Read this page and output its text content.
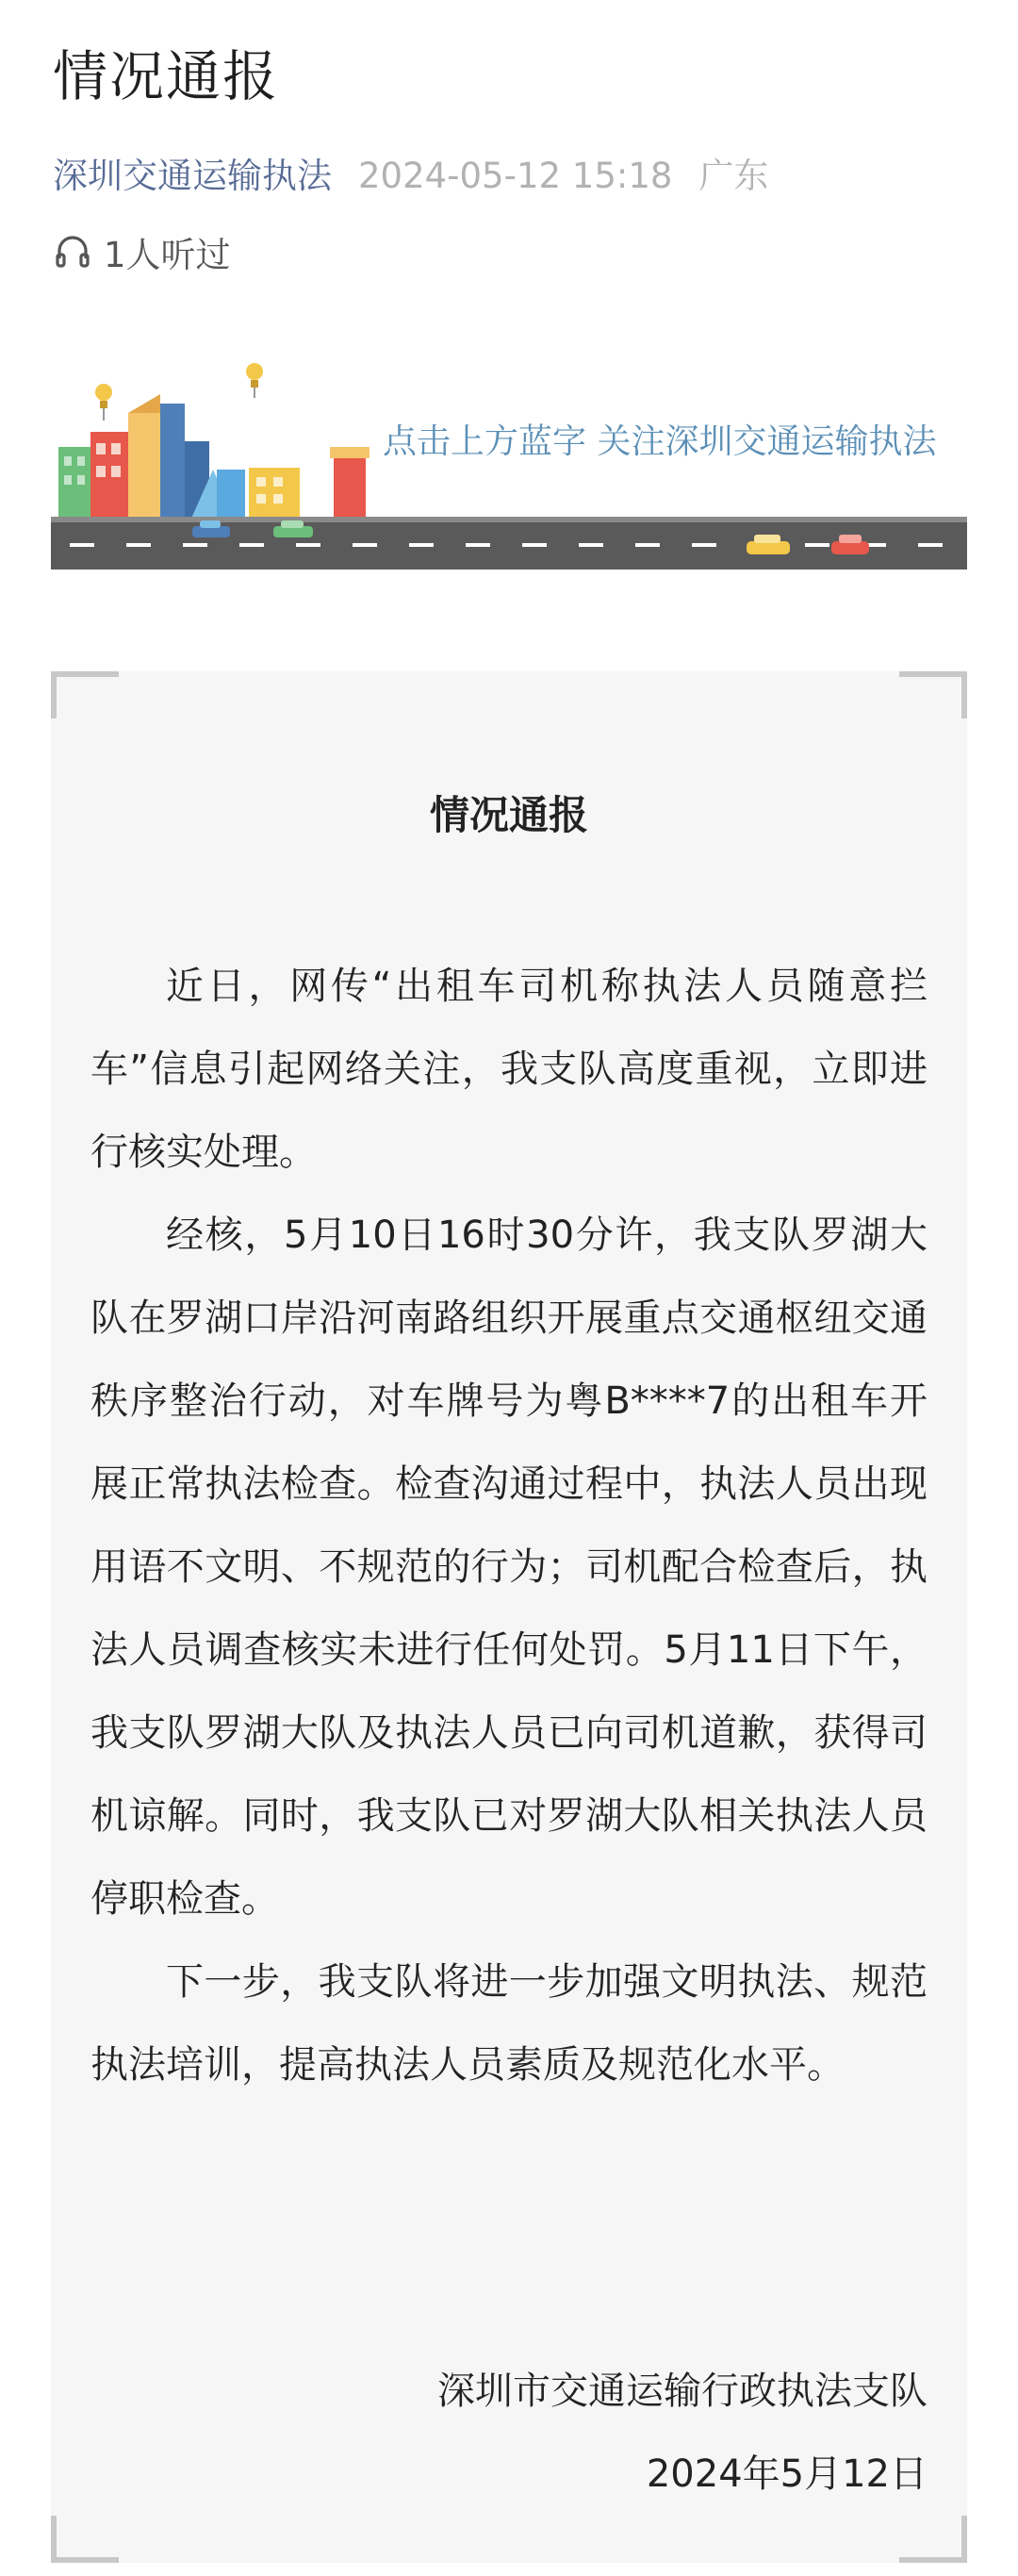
情况通报
深圳交通运输执法 2024-05-12 15:18 广东
1人听过
点击上方蓝字 关注深圳交通运输执法
情况通报

近日，网传“出租车司机称执法人员随意拦车”信息引起网络关注，我支队高度重视，立即进行核实处理。

经核，5月10日16时30分许，我支队罗湖大队在罗湖口岸沿河南路组织开展重点交通枢纽交通秩序整治行动，对车牌号为粤B****7的出租车开展正常执法检查。检查沟通过程中，执法人员出现用语不文明、不规范的行为；司机配合检查后，执法人员调查核实未进行任何处罚。5月11日下午，我支队罗湖大队及执法人员已向司机道歉，获得司机谅解。同时，我支队已对罗湖大队相关执法人员停职检查。

下一步，我支队将进一步加强文明执法、规范执法培训，提高执法人员素质及规范化水平。

深圳市交通运输行政执法支队
2024年5月12日
